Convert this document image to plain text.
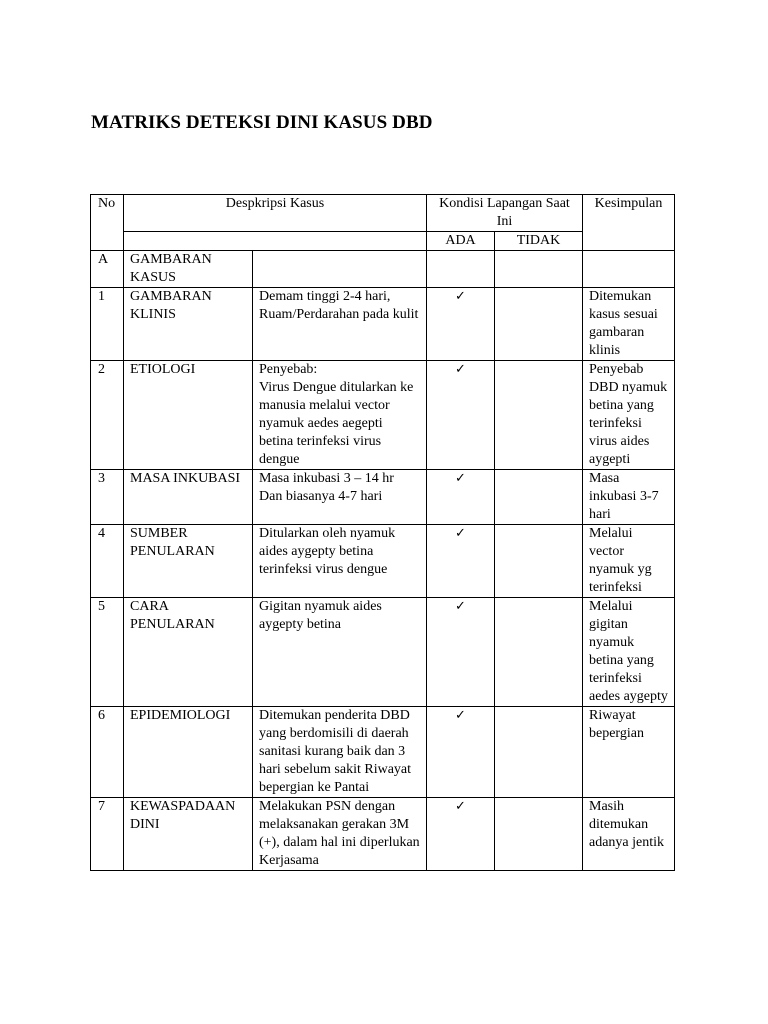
MATRIKS DETEKSI DINI KASUS DBD
No	Despkripsi Kasus		Kondisi Lapangan Saat Ini		Kesimpulan
			ADA	TIDAK	
A	GAMBARAN KASUS				
1	GAMBARAN KLINIS	Demam tinggi 2-4 hari, Ruam/Perdarahan pada kulit	✓		Ditemukan kasus sesuai gambaran klinis
2	ETIOLOGI	Penyebab:
Virus Dengue ditularkan ke manusia melalui vector nyamuk aedes aegepti betina terinfeksi virus dengue	✓		Penyebab DBD nyamuk betina yang terinfeksi virus aides aygepti
3	MASA INKUBASI	Masa inkubasi 3 – 14 hr
Dan biasanya 4-7 hari	✓		Masa inkubasi 3-7 hari
4	SUMBER PENULARAN	Ditularkan oleh nyamuk aides aygepty betina terinfeksi virus dengue	✓		Melalui vector nyamuk yg terinfeksi
5	CARA PENULARAN	Gigitan nyamuk aides aygepty betina	✓		Melalui gigitan nyamuk betina yang terinfeksi aedes aygepty
6	EPIDEMIOLOGI	Ditemukan penderita DBD yang berdomisili di daerah sanitasi kurang baik dan 3 hari sebelum sakit Riwayat bepergian ke Pantai	✓		Riwayat bepergian
7	KEWASPADAAN DINI	Melakukan PSN dengan melaksanakan gerakan 3M (+), dalam hal ini diperlukan Kerjasama	✓		Masih ditemukan adanya jentik
